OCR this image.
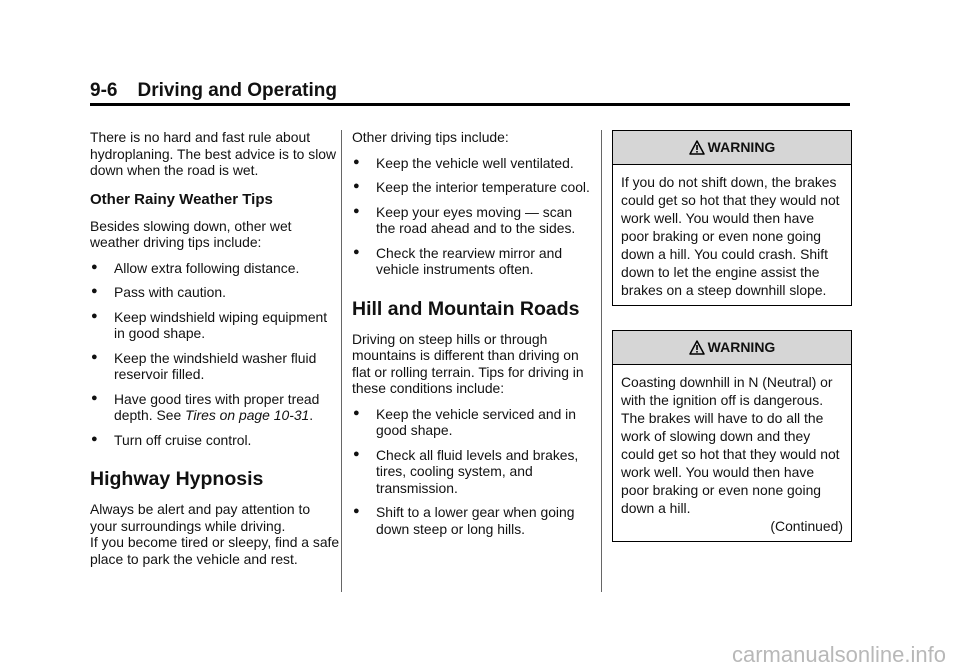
9-6 Driving and Operating

There is no hard and fast rule about hydroplaning. The best advice is to slow down when the road is wet.

Other Rainy Weather Tips

Besides slowing down, other wet weather driving tips include:

● Allow extra following distance.
● Pass with caution.
● Keep windshield wiping equipment in good shape.
● Keep the windshield washer fluid reservoir filled.
● Have good tires with proper tread depth. See Tires on page 10-31.
● Turn off cruise control.
Highway Hypnosis

Always be alert and pay attention to your surroundings while driving.

If you become tired or sleepy, find a safe place to park the vehicle and rest.

Other driving tips include:

● Keep the vehicle well ventilated.
● Keep the interior temperature cool.
● Keep your eyes moving — scan the road ahead and to the sides.
● Check the rearview mirror and vehicle instruments often.
Hill and Mountain Roads

Driving on steep hills or through mountains is different than driving on flat or rolling terrain. Tips for driving in these conditions include:

● Keep the vehicle serviced and in good shape.
● Check all fluid levels and brakes, tires, cooling system, and transmission.
● Shift to a lower gear when going down steep or long hills.
WARNING
If you do not shift down, the brakes could get so hot that they would not work well. You would then have poor braking or even none going down a hill. You could crash. Shift down to let the engine assist the brakes on a steep downhill slope.
WARNING
Coasting downhill in N (Neutral) or with the ignition off is dangerous. The brakes will have to do all the work of slowing down and they could get so hot that they would not work well. You would then have poor braking or even none going down a hill.
(Continued)
carmanualsonline.info
